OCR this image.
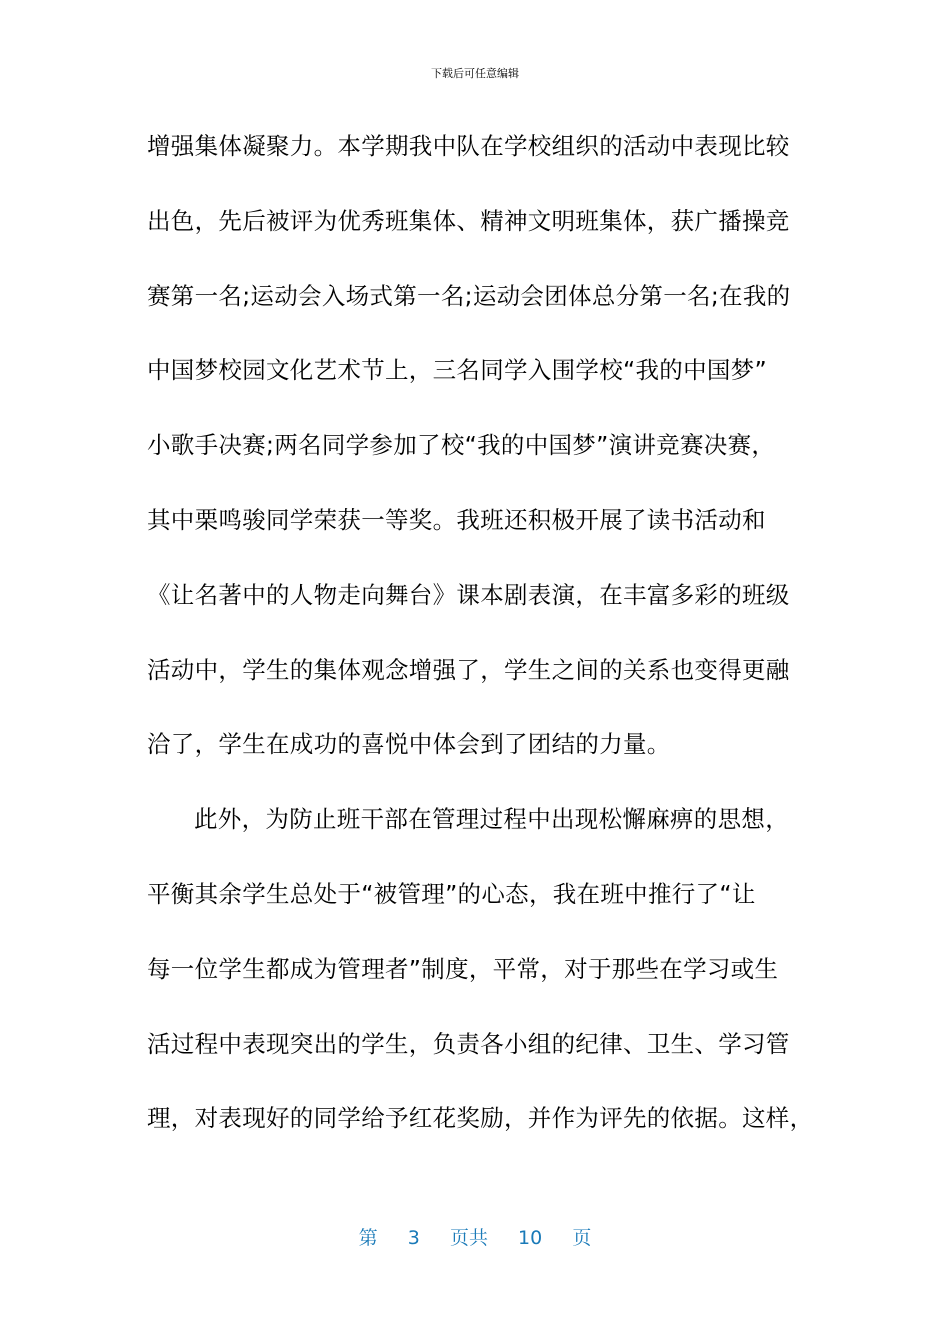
下载后可任意编辑
增强集体凝聚力。本学期我中队在学校组织的活动中表现比较
出色，先后被评为优秀班集体、精神文明班集体，获广播操竞
赛第一名;运动会入场式第一名;运动会团体总分第一名;在我的
中国梦校园文化艺术节上，三名同学入围学校“我的中国梦”
小歌手决赛;两名同学参加了校“我的中国梦”演讲竞赛决赛，
其中栗鸣骏同学荣获一等奖。我班还积极开展了读书活动和
《让名著中的人物走向舞台》课本剧表演，在丰富多彩的班级
活动中，学生的集体观念增强了，学生之间的关系也变得更融
洽了，学生在成功的喜悦中体会到了团结的力量。
此外，为防止班干部在管理过程中出现松懈麻痹的思想，
平衡其余学生总处于“被管理”的心态，我在班中推行了“让
每一位学生都成为管理者”制度，平常，对于那些在学习或生
活过程中表现突出的学生，负责各小组的纪律、卫生、学习管
理，对表现好的同学给予红花奖励，并作为评先的依据。这样，
第 3 页共 10 页
